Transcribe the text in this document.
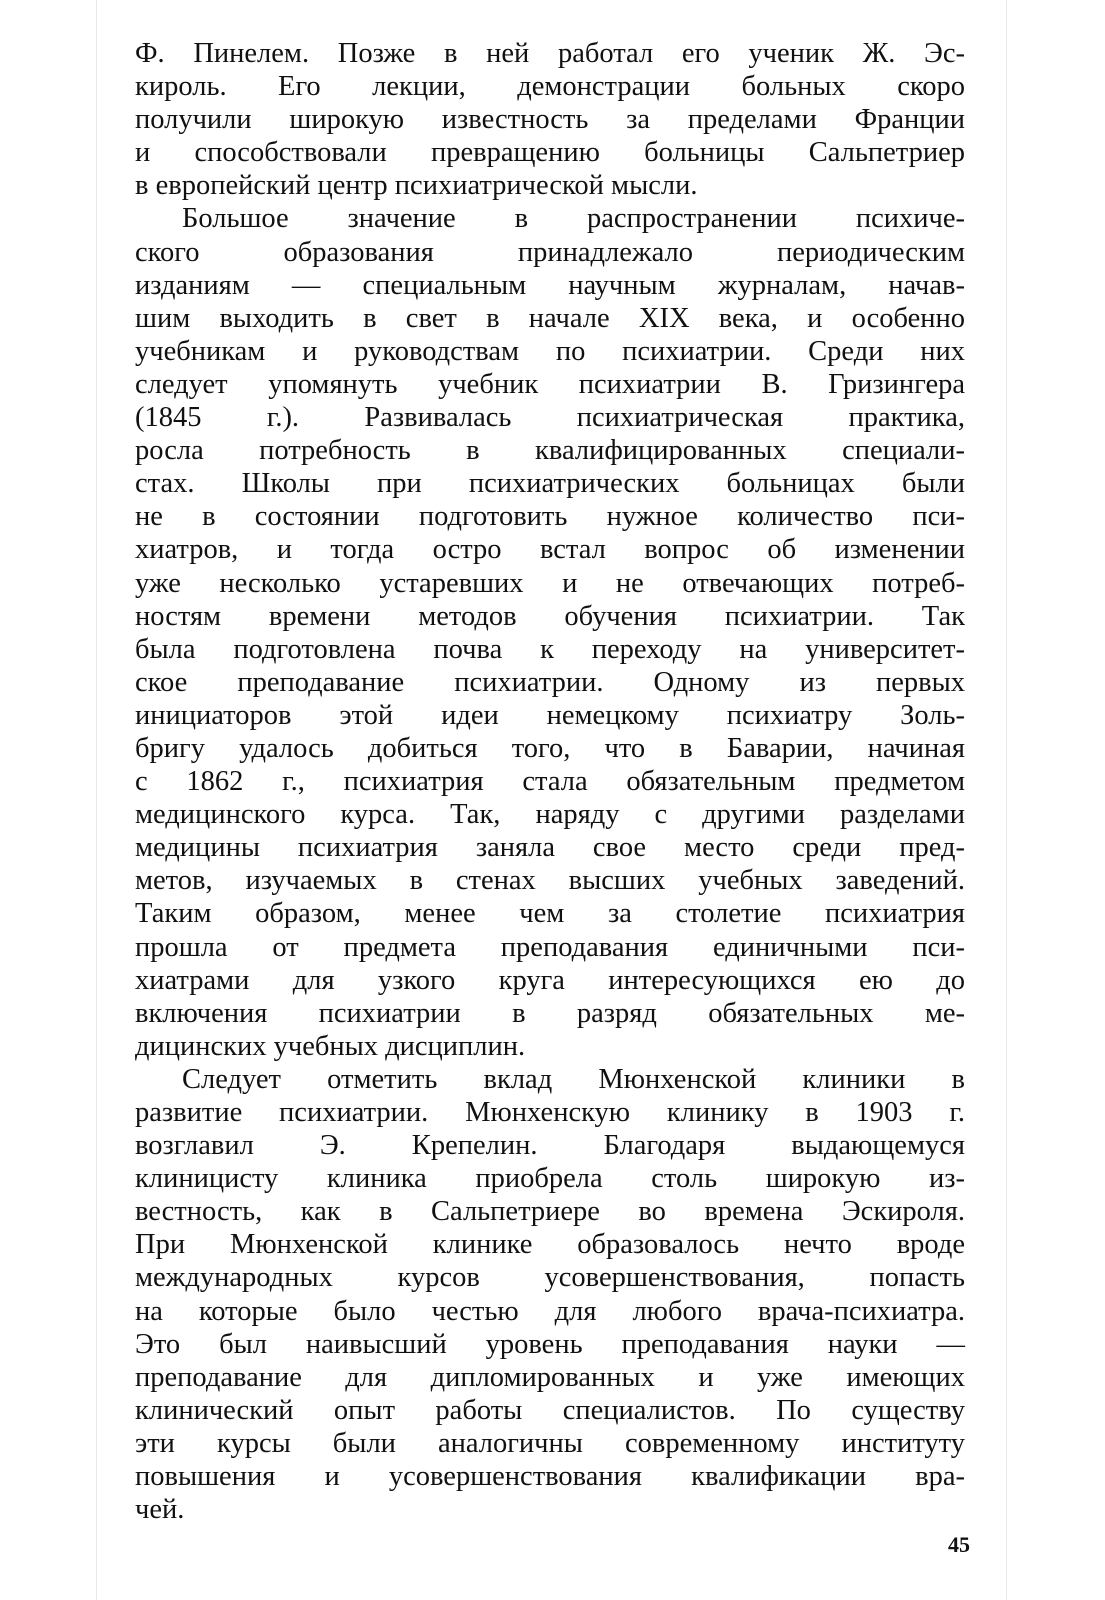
Ф. Пинелем. Позже в ней работал его ученик Ж. Эс-
кироль. Его лекции, демонстрации больных скоро
получили широкую известность за пределами Франции
и способствовали превращению больницы Сальпетриер
в европейский центр психиатрической мысли.

Большое значение в распространении психиче-
ского образования принадлежало периодическим
изданиям — специальным научным журналам, начав-
шим выходить в свет в начале XIX века, и особенно
учебникам и руководствам по психиатрии. Среди них
следует упомянуть учебник психиатрии В. Гризингера
(1845 г.). Развивалась психиатрическая практика,
росла потребность в квалифицированных специали-
стах. Школы при психиатрических больницах были
не в состоянии подготовить нужное количество пси-
хиатров, и тогда остро встал вопрос об изменении
уже несколько устаревших и не отвечающих потреб-
ностям времени методов обучения психиатрии. Так
была подготовлена почва к переходу на университет-
ское преподавание психиатрии. Одному из первых
инициаторов этой идеи немецкому психиатру Золь-
бригу удалось добиться того, что в Баварии, начиная
с 1862 г., психиатрия стала обязательным предметом
медицинского курса. Так, наряду с другими разделами
медицины психиатрия заняла свое место среди пред-
метов, изучаемых в стенах высших учебных заведений.
Таким образом, менее чем за столетие психиатрия
прошла от предмета преподавания единичными пси-
хиатрами для узкого круга интересующихся ею до
включения психиатрии в разряд обязательных ме-
дицинских учебных дисциплин.

Следует отметить вклад Мюнхенской клиники в
развитие психиатрии. Мюнхенскую клинику в 1903 г.
возглавил Э. Крепелин. Благодаря выдающемуся
клиницисту клиника приобрела столь широкую из-
вестность, как в Сальпетриере во времена Эскироля.
При Мюнхенской клинике образовалось нечто вроде
международных курсов усовершенствования, попасть
на которые было честью для любого врача-психиатра.
Это был наивысший уровень преподавания науки —
преподавание для дипломированных и уже имеющих
клинический опыт работы специалистов. По существу
эти курсы были аналогичны современному институту
повышения и усовершенствования квалификации вра-
чей.

45
